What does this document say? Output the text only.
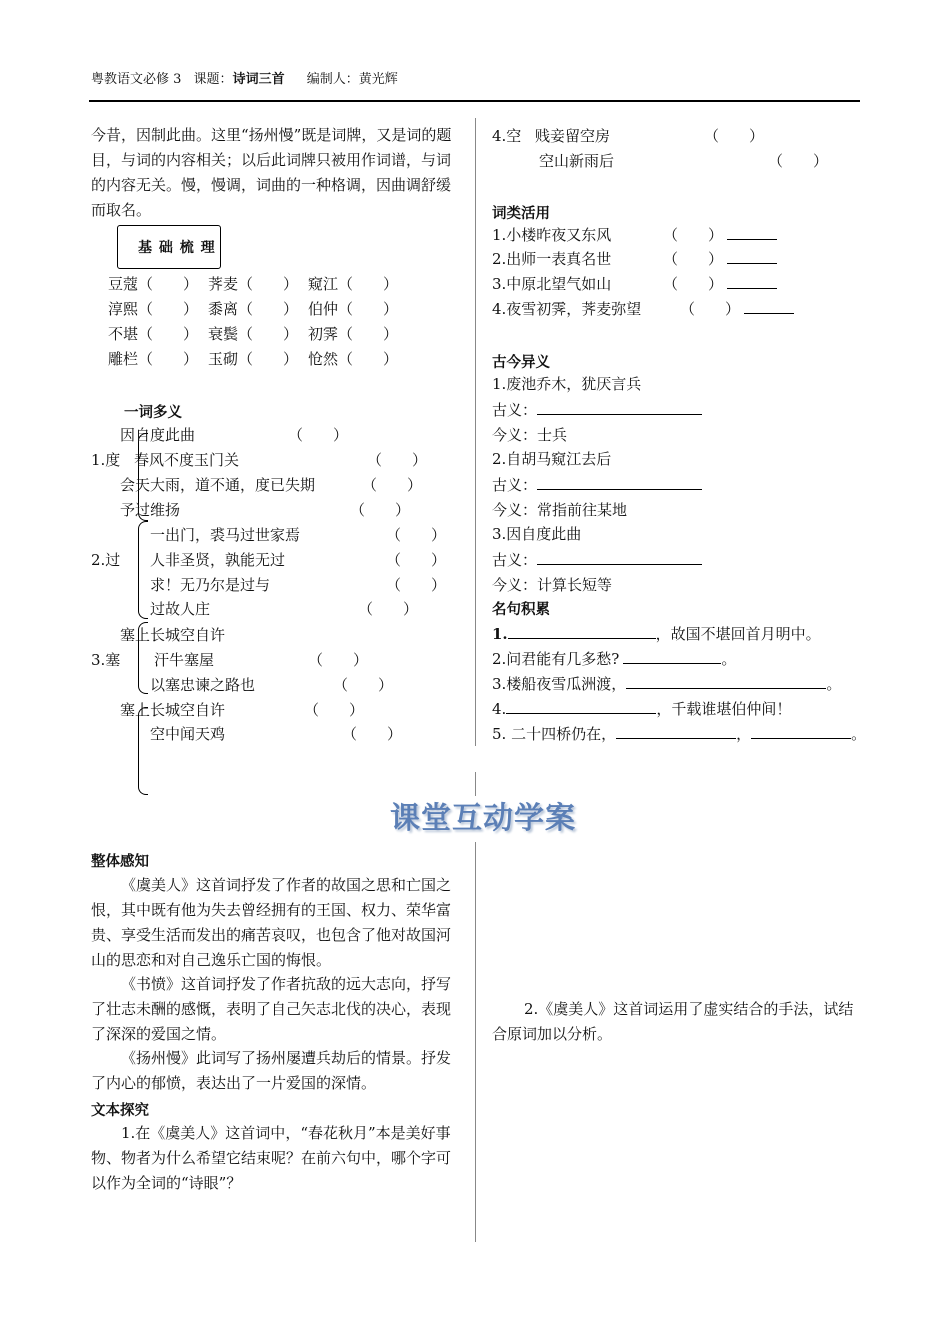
粤教语文必修 3 课题：诗词三首 编制人：黄光辉
今昔，因制此曲。这里“扬州慢”既是词牌，又是词的题目，与词的内容相关；以后此词牌只被用作词谱，与词的内容无关。慢，慢调，词曲的一种格调，因曲调舒缓而取名。
基 础 梳 理
豆蔻（　　） 荠麦（　　） 窥江（　　）
淳熙（　　） 黍离（　　） 伯仲（　　）
不堪（　　） 衰鬓（　　） 初霁（　　）
雕栏（　　） 玉砌（　　） 怆然（　　）
一词多义
因自度此曲	（　　）
1.度 春风不度玉门关	（　　）
会天大雨，道不通，度已失期	（　　）
予过维扬	（　　）
一出门，裘马过世家焉	（　　）
2.过 人非圣贤，孰能无过	（　　）
求！无乃尔是过与	（　　）
过故人庄	（　　）
塞上长城空自许
3.塞 汗牛塞屋	（　　）
以塞忠谏之路也	（　　）
塞上长城空自许	（　　）
空中闻天鸡	（　　）
4.空 贱妾留空房	（　　）
空山新雨后	（　　）
词类活用
1.小楼昨夜又东风	（　　）
2.出师一表真名世	（　　）
3.中原北望气如山	（　　）
4.夜雪初霁，荠麦弥望	（　　）
古今异义
1.废池乔木，犹厌言兵
古义：
今义：士兵
2.自胡马窥江去后
古义：
今义：常指前往某地
3.因自度此曲
古义：
今义：计算长短等
名句积累
1.	，故国不堪回首月明中。
2.问君能有几多愁?	。
3.楼船夜雪瓜洲渡，	。
4.	，千载谁堪伯仲间！
5. 二十四桥仍在，	，	。
课堂互动学案
整体感知
《虞美人》这首词抒发了作者的故国之思和亡国之恨，其中既有他为失去曾经拥有的王国、权力、荣华富贵、享受生活而发出的痛苦哀叹，也包含了他对故国河山的思恋和对自己逸乐亡国的悔恨。
《书愤》这首词抒发了作者抗敌的远大志向，抒写了壮志未酬的感慨，表明了自己矢志北伐的决心，表现了深深的爱国之情。
《扬州慢》此词写了扬州屡遭兵劫后的情景。抒发了内心的郁愤，表达出了一片爱国的深情。
文本探究
1.在《虞美人》这首词中，“春花秋月”本是美好事物、物者为什么希望它结束呢？在前六句中，哪个字可以作为全词的“诗眼”？
2.《虞美人》这首词运用了虚实结合的手法，试结合原词加以分析。
